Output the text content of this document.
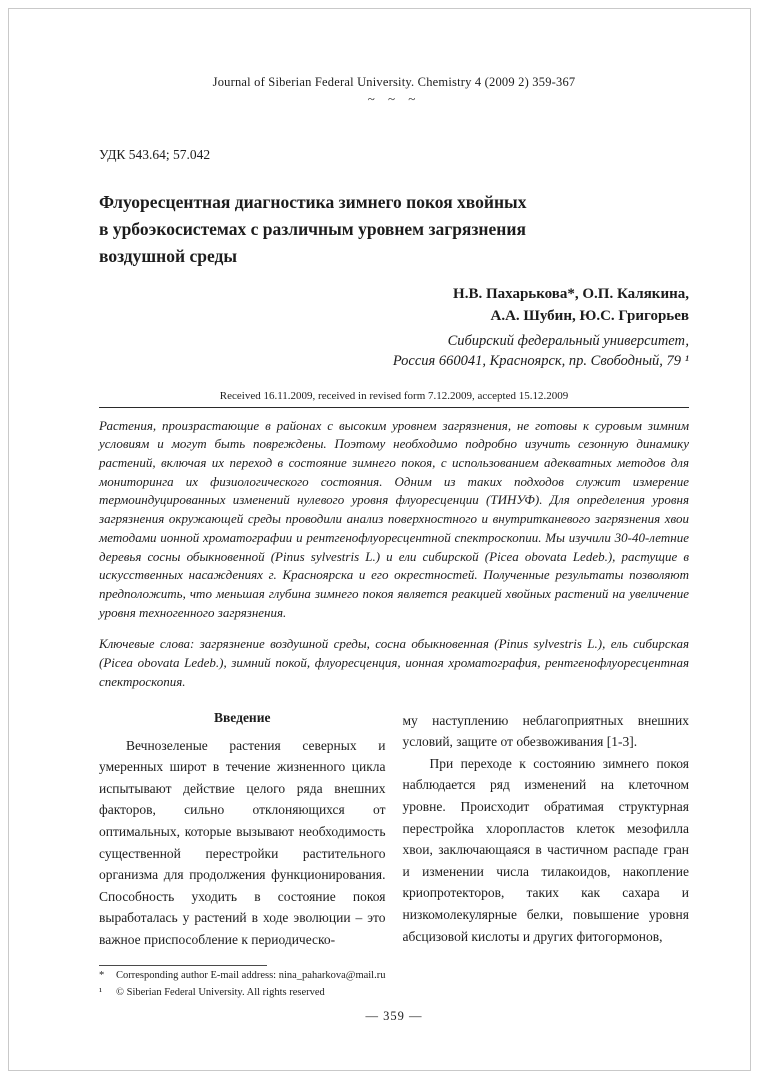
Journal of Siberian Federal University. Chemistry 4 (2009 2) 359-367
~ ~ ~
УДК 543.64; 57.042
Флуоресцентная диагностика зимнего покоя хвойных
в урбоэкосистемах с различным уровнем загрязнения
воздушной среды
Н.В. Пахарькова*, О.П. Калякина,
А.А. Шубин, Ю.С. Григорьев
Сибирский федеральный университет,
Россия 660041, Красноярск, пр. Свободный, 79 ¹
Received 16.11.2009, received in revised form 7.12.2009, accepted 15.12.2009

Растения, произрастающие в районах с высоким уровнем загрязнения, не готовы к суровым зимним условиям и могут быть повреждены. Поэтому необходимо подробно изучить сезонную динамику растений, включая их переход в состояние зимнего покоя, с использованием адекватных методов для мониторинга их физиологического состояния. Одним из таких подходов служит измерение термоиндуцированных изменений нулевого уровня флуоресценции (ТИНУФ). Для определения уровня загрязнения окружающей среды проводили анализ поверхностного и внутритканевого загрязнения хвои методами ионной хроматографии и рентгенофлуоресцентной спектроскопии. Мы изучили 30-40-летние деревья сосны обыкновенной (Pinus sylvestris L.) и ели сибирской (Picea obovata Ledeb.), растущие в искусственных насаждениях г. Красноярска и его окрестностей. Полученные результаты позволяют предположить, что меньшая глубина зимнего покоя является реакцией хвойных растений на увеличение уровня техногенного загрязнения.

Ключевые слова: загрязнение воздушной среды, сосна обыкновенная (Pinus sylvestris L.), ель сибирская (Picea obovata Ledeb.), зимний покой, флуоресценция, ионная хроматография, рентгенофлуоресцентная спектроскопия.

Введение

Вечнозеленые растения северных и умеренных широт в течение жизненного цикла испытывают действие целого ряда внешних факторов, сильно отклоняющихся от оптимальных, которые вызывают необходимость существенной перестройки растительного организма для продолжения функционирования. Способность уходить в состояние покоя выработалась у растений в ходе эволюции – это важное приспособление к периодическо-

му наступлению неблагоприятных внешних условий, защите от обезвоживания [1-3].

При переходе к состоянию зимнего покоя наблюдается ряд изменений на клеточном уровне. Происходит обратимая структурная перестройка хлоропластов клеток мезофилла хвои, заключающаяся в частичном распаде гран и изменении числа тилакоидов, накопление криопротекторов, таких как сахара и низкомолекулярные белки, повышение уровня абсцизовой кислоты и других фитогормонов,

*	Corresponding author E-mail address: nina_paharkova@mail.ru
¹	© Siberian Federal University. All rights reserved
— 359 —
